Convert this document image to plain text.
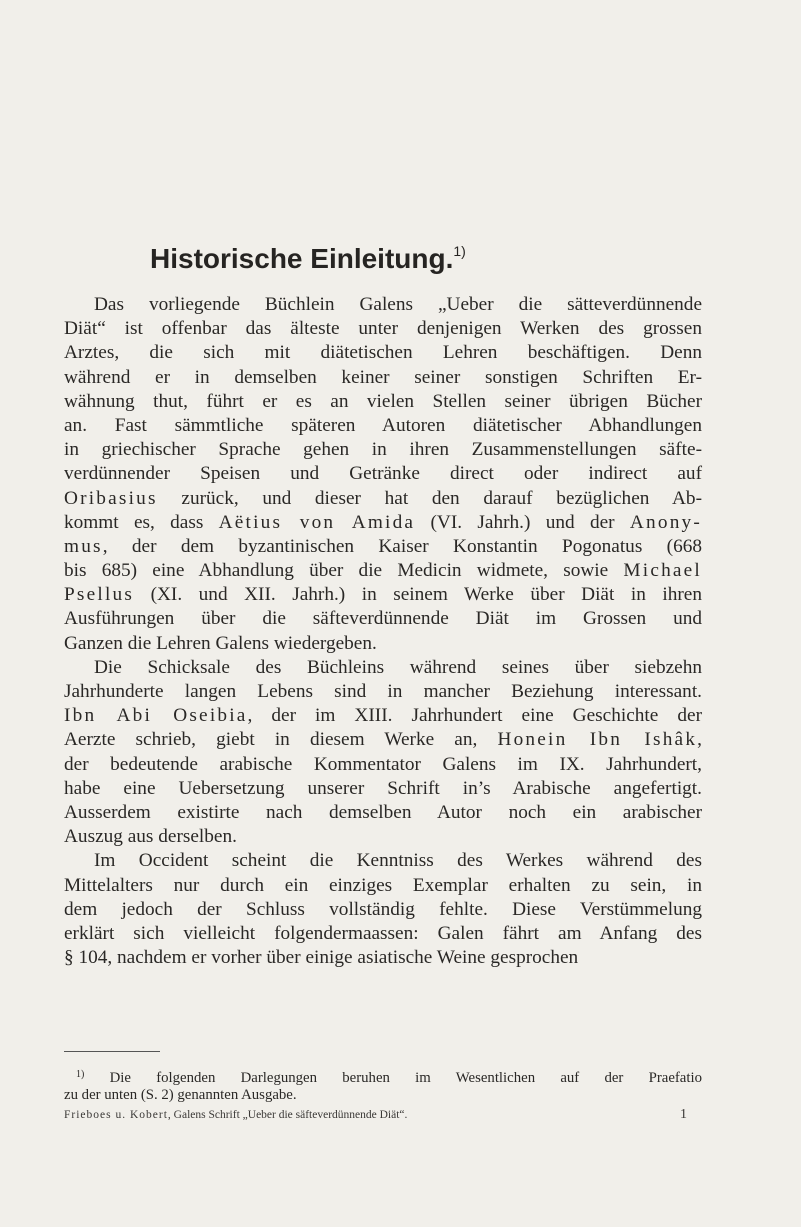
Historische Einleitung.$^{1)}$
Das vorliegende Büchlein Galens „Ueber die sätteverdünnende
Diät“ ist offenbar das älteste unter denjenigen Werken des grossen
Arztes, die sich mit diätetischen Lehren beschäftigen. Denn
während er in demselben keiner seiner sonstigen Schriften Er-
wähnung thut, führt er es an vielen Stellen seiner übrigen Bücher
an. Fast sämmtliche späteren Autoren diätetischer Abhandlungen
in griechischer Sprache gehen in ihren Zusammenstellungen säfte-
verdünnender Speisen und Getränke direct oder indirect auf
Oribasius zurück, und dieser hat den darauf bezüglichen Ab-
kommt es, dass Aëtius von Amida (VI. Jahrh.) und der Anony-
mus, der dem byzantinischen Kaiser Konstantin Pogonatus (668
bis 685) eine Abhandlung über die Medicin widmete, sowie Michael
Psellus (XI. und XII. Jahrh.) in seinem Werke über Diät in ihren
Ausführungen über die säfteverdünnende Diät im Grossen und
Ganzen die Lehren Galens wiedergeben.
Die Schicksale des Büchleins während seines über siebzehn
Jahrhunderte langen Lebens sind in mancher Beziehung interessant.
Ibn Abi Oseibia, der im XIII. Jahrhundert eine Geschichte der
Aerzte schrieb, giebt in diesem Werke an, Honein Ibn Ishâk,
der bedeutende arabische Kommentator Galens im IX. Jahrhundert,
habe eine Uebersetzung unserer Schrift in’s Arabische angefertigt.
Ausserdem existirte nach demselben Autor noch ein arabischer
Auszug aus derselben.
Im Occident scheint die Kenntniss des Werkes während des
Mittelalters nur durch ein einziges Exemplar erhalten zu sein, in
dem jedoch der Schluss vollständig fehlte. Diese Verstümmelung
erklärt sich vielleicht folgendermaassen: Galen fährt am Anfang des
§ 104, nachdem er vorher über einige asiatische Weine gesprochen
$^{1)}$ Die folgenden Darlegungen beruhen im Wesentlichen auf der Praefatio
zu der unten (S. 2) genannten Ausgabe.
Frieboes u. Kobert, Galens Schrift „Ueber die säfteverdünnende Diät“.	1
